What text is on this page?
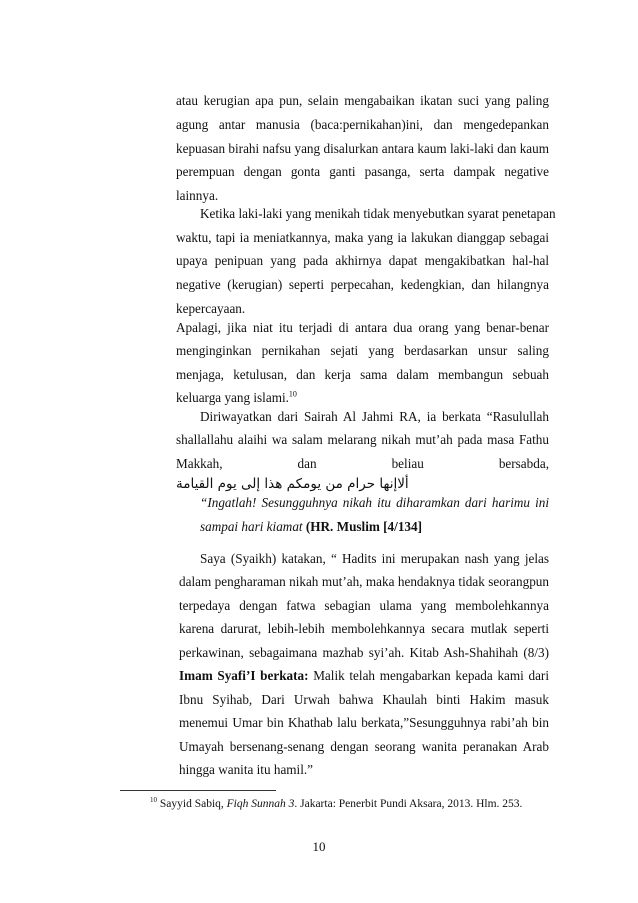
atau kerugian apa pun, selain mengabaikan ikatan suci yang paling
agung antar manusia (baca:pernikahan)ini, dan mengedepankan
kepuasan birahi nafsu yang disalurkan antara kaum laki-laki dan kaum
perempuan dengan gonta ganti pasanga, serta dampak negative
lainnya.
Ketika laki-laki yang menikah tidak menyebutkan syarat penetapan
waktu, tapi ia meniatkannya, maka yang ia lakukan dianggap sebagai
upaya penipuan yang pada akhirnya dapat mengakibatkan hal-hal
negative (kerugian) seperti perpecahan, kedengkian, dan hilangnya
kepercayaan.
Apalagi, jika niat itu terjadi di antara dua orang yang benar-benar
menginginkan pernikahan sejati yang berdasarkan unsur saling
menjaga, ketulusan, dan kerja sama dalam membangun sebuah
keluarga yang islami.$^{10}$
Diriwayatkan dari Sairah Al Jahmi RA, ia berkata “Rasulullah
shallallahu alaihi wa salam melarang nikah mut’ah pada masa Fathu
Makkah, dan beliau bersabda,
ألاإنها حرام من يومكم هذا إلى يوم القيامة
“Ingatlah! Sesungguhnya nikah itu diharamkan dari harimu ini
sampai hari kiamat (HR. Muslim [4/134]
Saya (Syaikh) katakan, “ Hadits ini merupakan nash yang jelas
dalam pengharaman nikah mut’ah, maka hendaknya tidak seorangpun
terpedaya dengan fatwa sebagian ulama yang membolehkannya
karena darurat, lebih-lebih membolehkannya secara mutlak seperti
perkawinan, sebagaimana mazhab syi’ah. Kitab Ash-Shahihah (8/3)
Imam Syafi’I berkata: Malik telah mengabarkan kepada kami dari
Ibnu Syihab, Dari Urwah bahwa Khaulah binti Hakim masuk
menemui Umar bin Khathab lalu berkata,”Sesungguhnya rabi’ah bin
Umayah bersenang-senang dengan seorang wanita peranakan Arab
hingga wanita itu hamil.”
$^{10}$ Sayyid Sabiq, Fiqh Sunnah 3. Jakarta: Penerbit Pundi Aksara, 2013. Hlm. 253.
10
